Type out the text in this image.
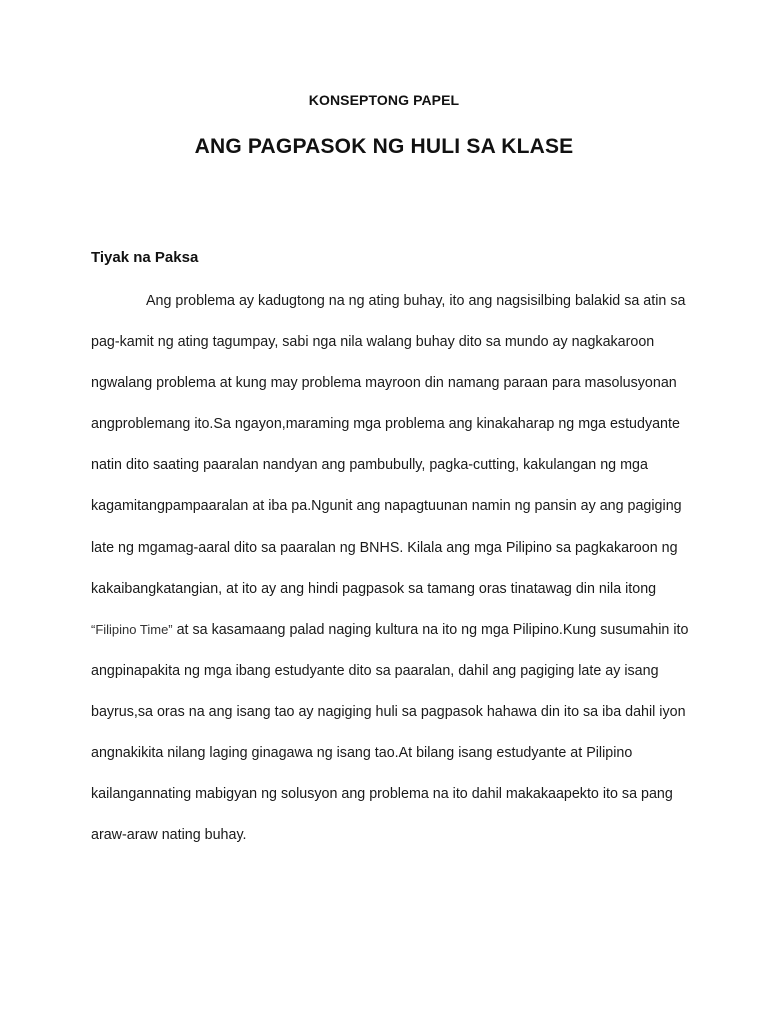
KONSEPTONG PAPEL
ANG PAGPASOK NG HULI SA KLASE
Tiyak na Paksa
Ang problema ay kadugtong na ng ating buhay, ito ang nagsisilbing balakid sa atin sa
pag-kamit ng ating tagumpay, sabi nga nila walang buhay dito sa mundo ay nagkakaroon
ngwalang problema at kung may problema mayroon din namang paraan para masolusyonan
angproblemang ito.Sa ngayon,maraming mga problema ang kinakaharap ng mga estudyante
natin dito saating paaralan nandyan ang pambubully, pagka-cutting, kakulangan ng mga
kagamitangpampaaralan at iba pa.Ngunit ang napagtuunan namin ng pansin ay ang pagiging
late ng mgamag-aaral dito sa paaralan ng BNHS. Kilala ang mga Pilipino sa pagkakaroon ng
kakaibangkatangian, at ito ay ang hindi pagpasok sa tamang oras tinatawag din nila itong
“Filipino Time” at sa kasamaang palad naging kultura na ito ng mga Pilipino.Kung susumahin ito
angpinapakita ng mga ibang estudyante dito sa paaralan, dahil ang pagiging late ay isang
bayrus,sa oras na ang isang tao ay nagiging huli sa pagpasok hahawa din ito sa iba dahil iyon
angnakikita nilang laging ginagawa ng isang tao.At bilang isang estudyante at Pilipino
kailangannating mabigyan ng solusyon ang problema na ito dahil makakaapekto ito sa pang
araw-araw nating buhay.
